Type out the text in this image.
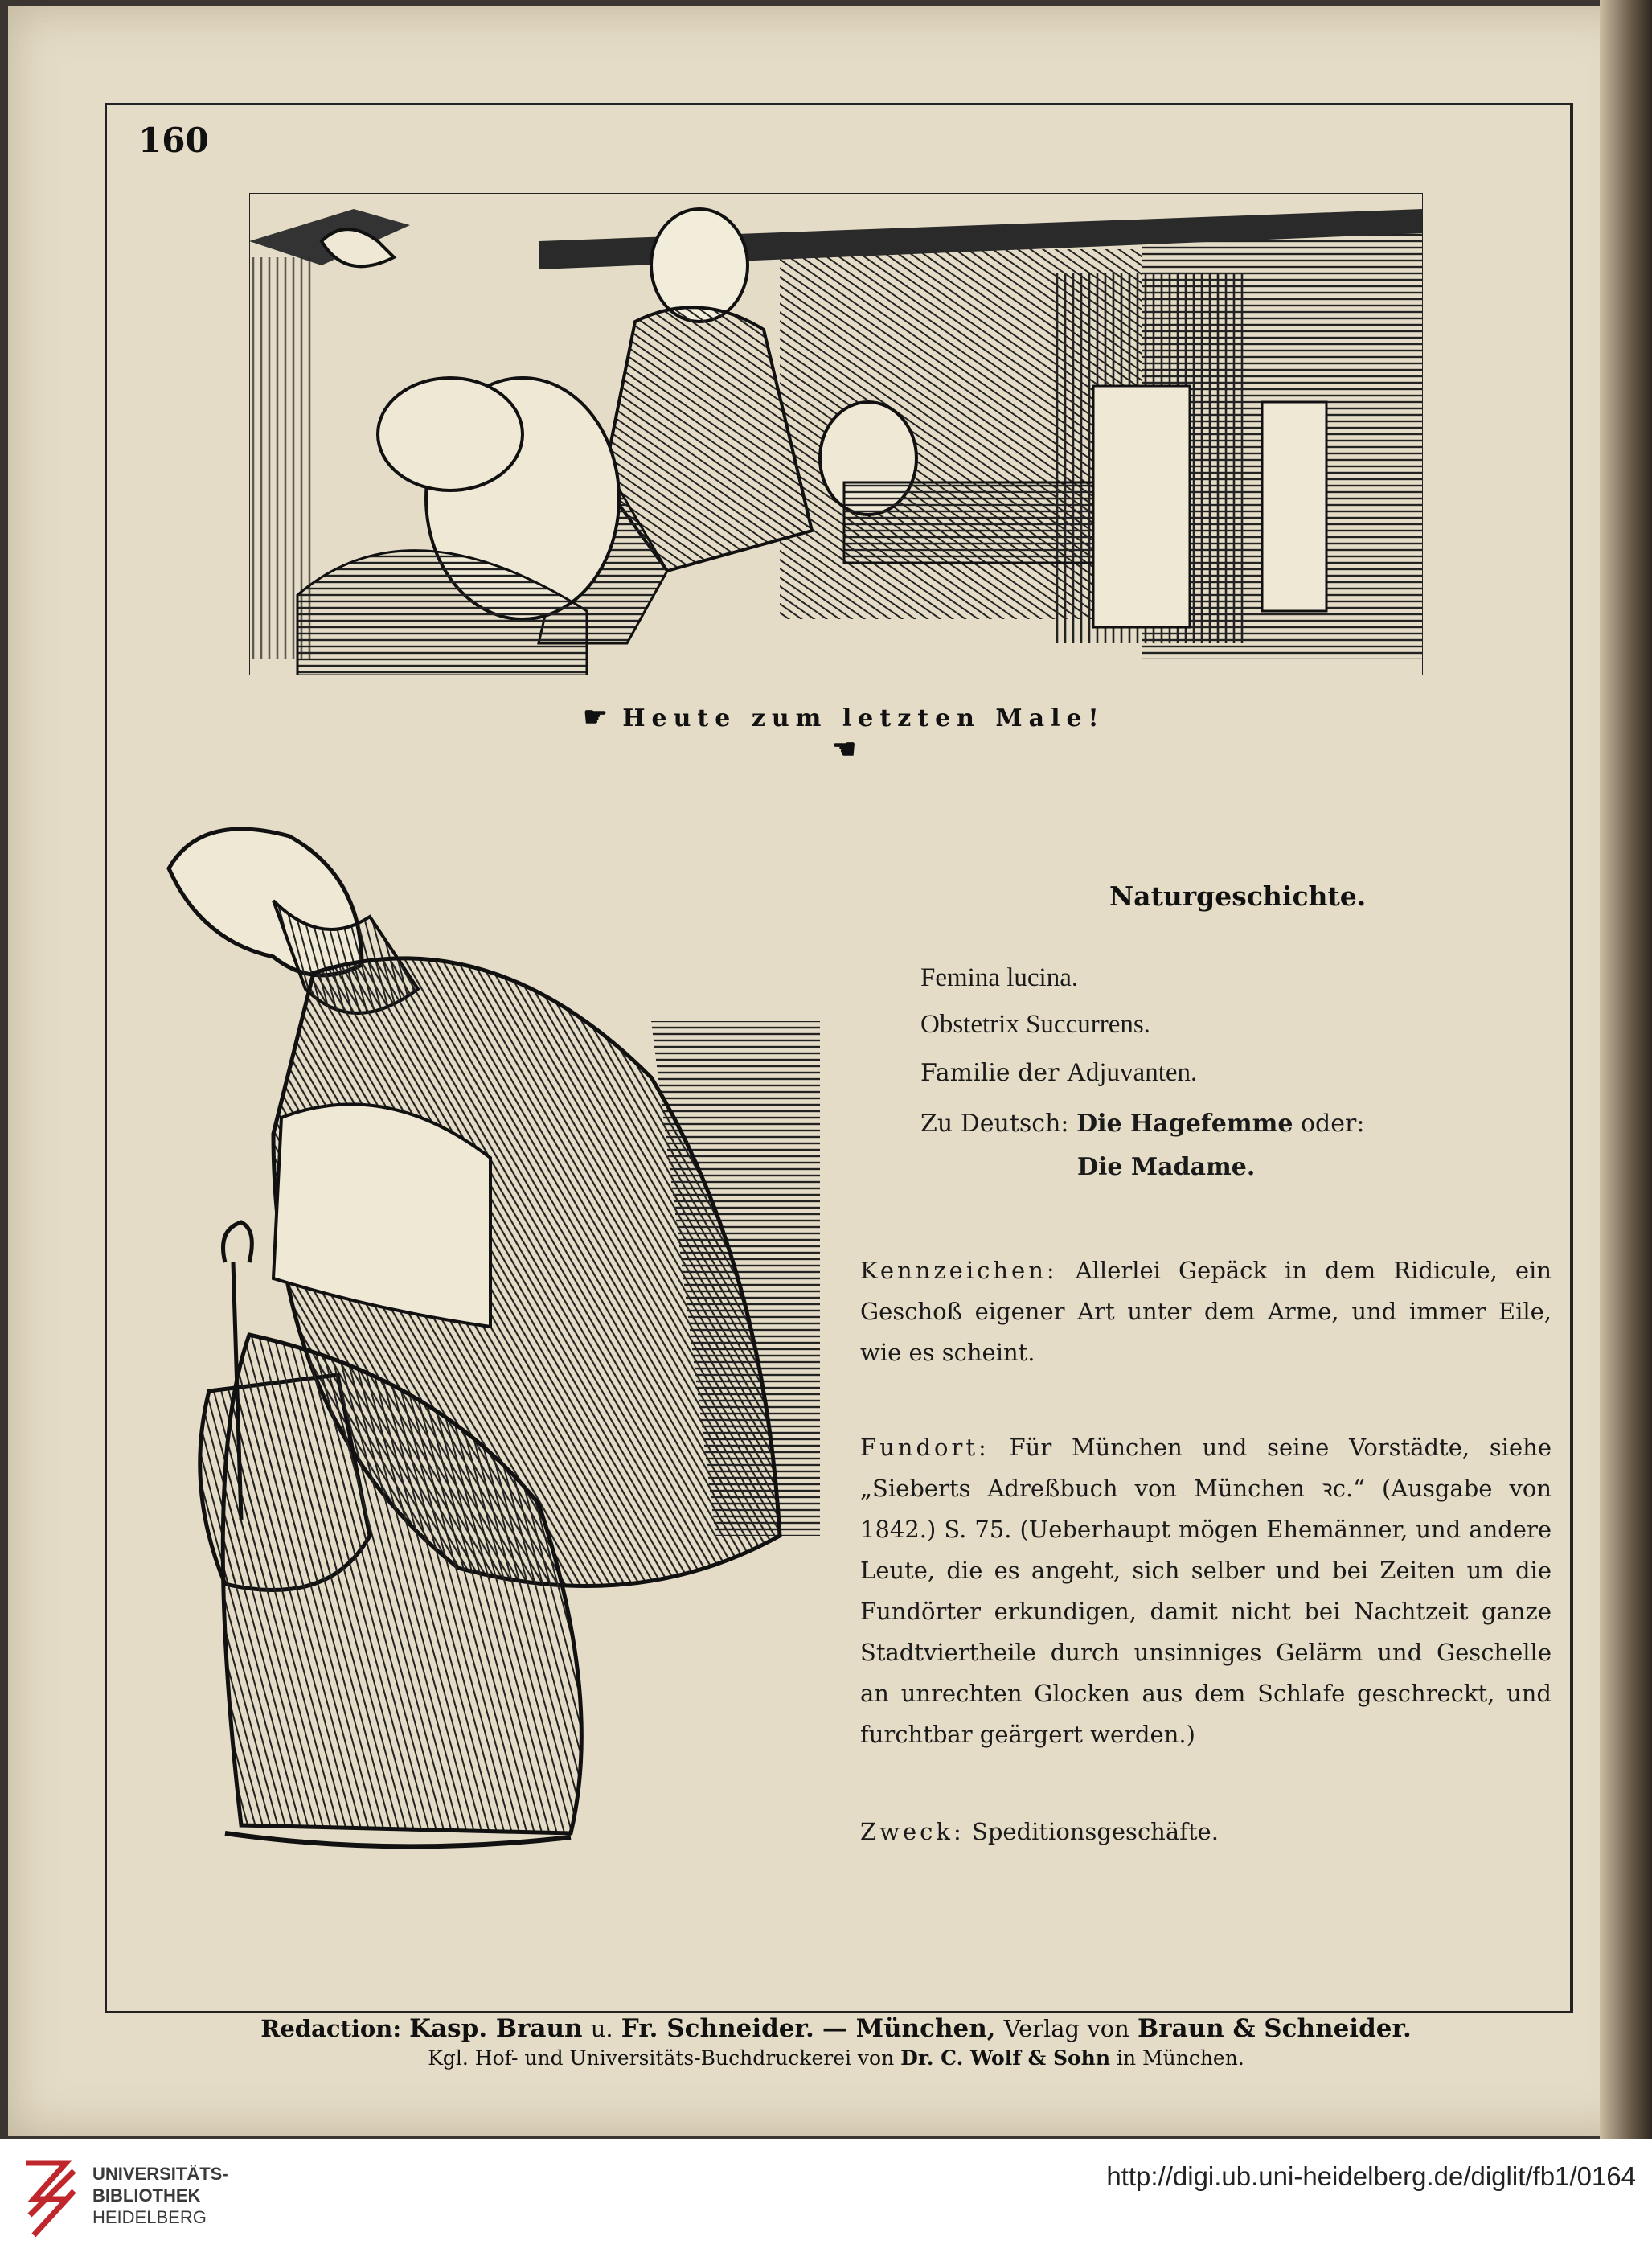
160
☛ Heute zum letzten Male! ☚
Naturgeschichte.
Femina lucina.
Obstetrix Succurrens.
Familie der Adjuvanten.
Zu Deutsch: Die Hagefemme oder:
Die Madame.
Kennzeichen: Allerlei Gepäck in dem Ridicule, ein Geschoß eigener Art unter dem Arme, und immer Eile, wie es scheint.
Fundort: Für München und seine Vorstädte, siehe „Sieberts Adreßbuch von München ꝛc.“ (Ausgabe von 1842.) S. 75. (Ueberhaupt mögen Ehemänner, und andere Leute, die es angeht, sich selber und bei Zeiten um die Fundörter erkundigen, damit nicht bei Nachtzeit ganze Stadtviertheile durch unsinniges Gelärm und Geschelle an unrechten Glocken aus dem Schlafe geschreckt, und furchtbar geärgert werden.)
Zweck: Speditionsgeschäfte.
Redaction: Kasp. Braun u. Fr. Schneider. — München, Verlag von Braun & Schneider.
Kgl. Hof- und Universitäts-Buchdruckerei von Dr. C. Wolf & Sohn in München.
UNIVERSITÄTS-
BIBLIOTHEK
HEIDELBERG
http://digi.ub.uni-heidelberg.de/diglit/fb1/0164
